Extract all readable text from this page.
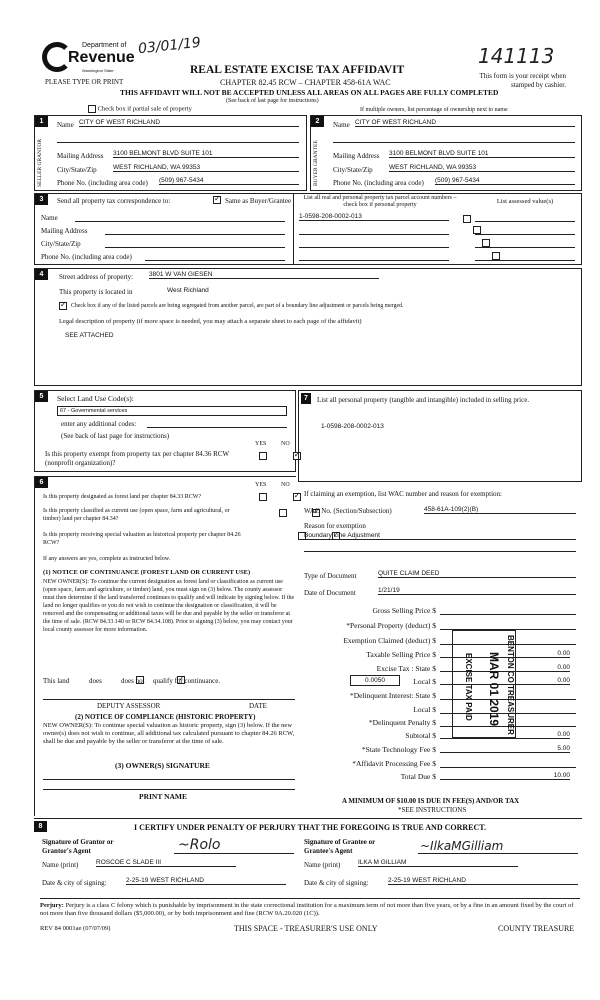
Department of
Revenue
Washington State
PLEASE TYPE OR PRINT
03/01/19	141113
REAL ESTATE EXCISE TAX AFFIDAVIT
CHAPTER 82.45 RCW – CHAPTER 458-61A WAC
THIS AFFIDAVIT WILL NOT BE ACCEPTED UNLESS ALL AREAS ON ALL PAGES ARE FULLY COMPLETED
(See back of last page for instructions)
This form is your receipt when stamped by cashier.
Check box if partial sale of property	If multiple owners, list percentage of ownership next to name
1
SELLER GRANTOR
Name CITY OF WEST RICHLAND
Mailing Address 3100 BELMONT BLVD SUITE 101
City/State/Zip	WEST RICHLAND, WA 99353
Phone No. (including area code) (509) 967-5434
2
BUYER GRANTEE
Name CITY OF WEST RICHLAND
Mailing Address 3100 BELMONT BLVD SUITE 101
City/State/Zip	WEST RICHLAND, WA 99353
Phone No. (including area code) (509) 967-5434
3	Send all property tax correspondence to: ✓	Same as Buyer/Grantee
Name
Mailing Address
City/State/Zip
Phone No. (including area code)
List all real and personal property tax parcel account numbers – check box if personal property	List assessed value(s)
1-0598-208-0002-013

4	Street address of property: 3801 W VAN GIESEN
This property is located in	West Richland
✓
Check box if any of the listed parcels are being segregated from another parcel, are part of a boundary line adjustment or parcels being merged.
Legal description of property (if more space is needed, you may attach a separate sheet to each page of the affidavit)
SEE ATTACHED
5	Select Land Use Code(s):
67 - Governmental services
enter any additional codes:
(See back of last page for instructions)
YES NO
Is this property exempt from property tax per chapter 84.36 RCW (nonprofit organization)?
✓
6	YES NO
Is this property designated as forest land per chapter 84.33 RCW?
✓
Is this property classified as current use (open space, farm and agricultural, or timber) land per chapter 84.34?
✓
Is this property receiving special valuation as historical property per chapter 84.26 RCW?
✓
If any answers are yes, complete as instructed below.
(1) NOTICE OF CONTINUANCE (FOREST LAND OR CURRENT USE)
NEW OWNER(S): To continue the current designation as forest land or classification as current use (open space, farm and agriculture, or timber) land, you must sign on (3) below. The county assessor must then determine if the land transferred continues to qualify and will indicate by signing below. If the land no longer qualifies or you do not wish to continue the designation or classification, it will be removed and the compensating or additional taxes will be due and payable by the seller or transferor at the time of sale. (RCW 84.33.140 or RCW 84.34.108). Prior to signing (3) below, you may contact your local county assessor for more information.
This land
	does ✓	does not qualify for continuance.
DEPUTY ASSESSOR	DATE
(2) NOTICE OF COMPLIANCE (HISTORIC PROPERTY)
NEW OWNER(S): To continue special valuation as historic property, sign (3) below. If the new owner(s) does not wish to continue, all additional tax calculated pursuant to chapter 84.26 RCW, shall be due and payable by the seller or transferor at the time of sale.
(3) OWNER(S) SIGNATURE
PRINT NAME
7	List all personal property (tangible and intangible) included in selling price.
1-0598-208-0002-013
If claiming an exemption, list WAC number and reason for exemption:
WAC No. (Section/Subsection)	458-61A-109(2)(B)
Reason for exemption
Boundary Line Adjustment
Type of Document	QUITE CLAIM DEED
Date of Document	1/21/19
Gross Selling Price $
*Personal Property (deduct) $
Exemption Claimed (deduct) $
Taxable Selling Price $	0.00
Excise Tax : State $	0.00
0.0050	Local $	0.00
*Delinquent Interest: State $
Local $
*Delinquent Penalty $
Subtotal $	0.00
*State Technology Fee $	5.00
*Affidavit Processing Fee $
Total Due $	10.00
A MINIMUM OF $10.00 IS DUE IN FEE(S) AND/OR TAX
*SEE INSTRUCTIONS
BENTON CO TREASURER
MAR 01 2019
EXCISE TAX PAID
8	I CERTIFY UNDER PENALTY OF PERJURY THAT THE FOREGOING IS TRUE AND CORRECT.
Signature of Grantor or Grantor's Agent	~Rolo	Signature of Grantee or Grantee's Agent	~IlkaMGilliam
Name (print)	ROSCOE C SLADE III	Name (print)	ILKA M GILLIAM
Date & city of signing:	2-25-19 WEST RICHLAND	Date & city of signing:	2-25-19 WEST RICHLAND
Perjury: Perjury is a class C felony which is punishable by imprisonment in the state correctional institution for a maximum term of not more than five years, or by a fine in an amount fixed by the court of not more than five thousand dollars ($5,000.00), or by both imprisonment and fine (RCW 9A.20.020 (1C)).
REV 84 0001ae (07/07/09)	THIS SPACE - TREASURER'S USE ONLY	COUNTY TREASURE
